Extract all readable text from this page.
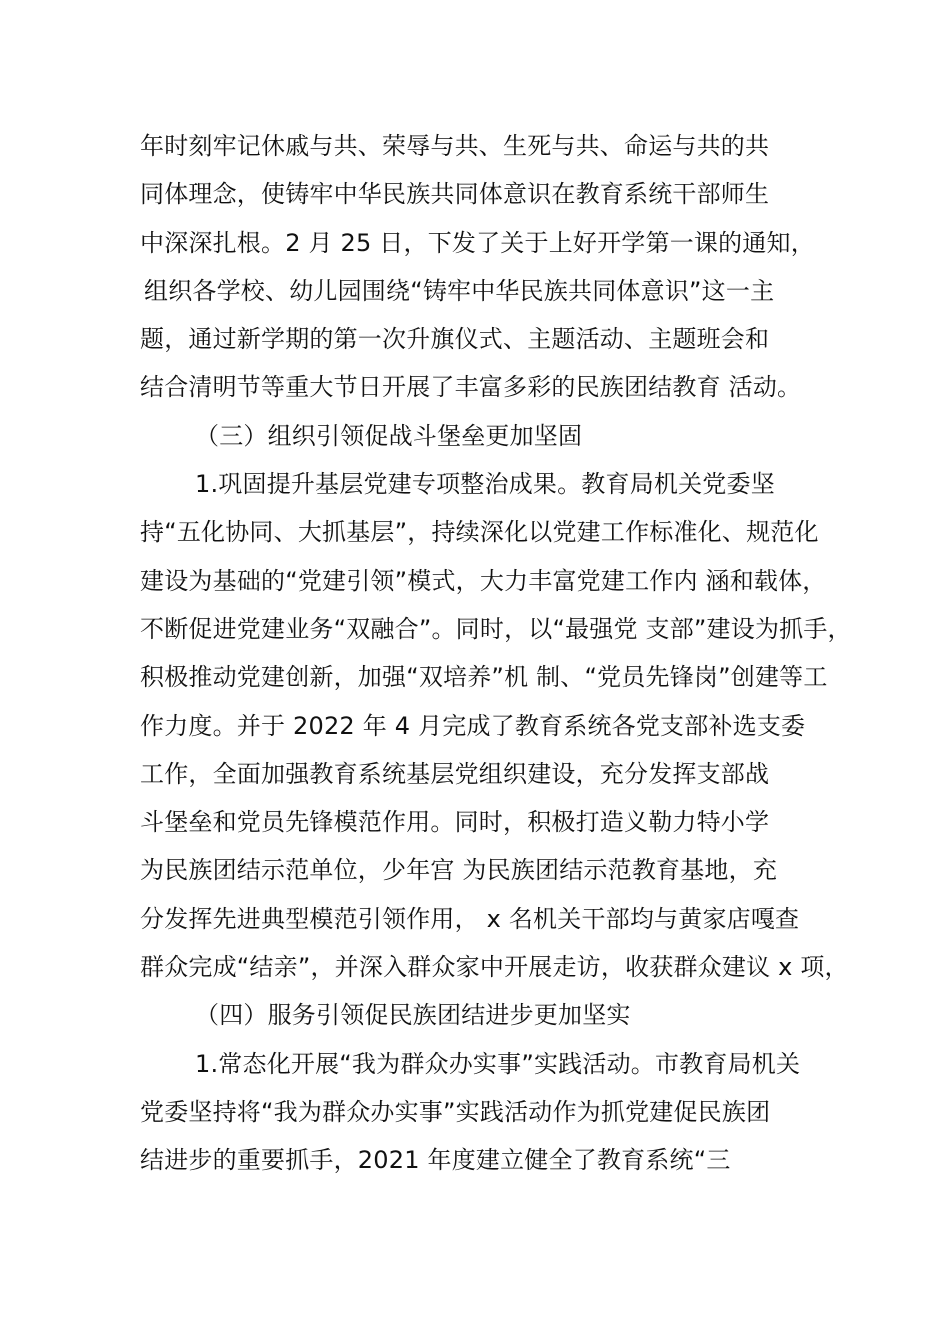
年时刻牢记休戚与共、荣辱与共、生死与共、命运与共的共
同体理念，使铸牢中华民族共同体意识在教育系统干部师生
中深深扎根。2 月 25 日，下发了关于上好开学第一课的通知，
组织各学校、幼儿园围绕“铸牢中华民族共同体意识”这一主
题，通过新学期的第一次升旗仪式、主题活动、主题班会和
结合清明节等重大节日开展了丰富多彩的民族团结教育 活动。
（三）组织引领促战斗堡垒更加坚固
1.巩固提升基层党建专项整治成果。教育局机关党委坚
持“五化协同、大抓基层”，持续深化以党建工作标准化、规范化
建设为基础的“党建引领”模式，大力丰富党建工作内 涵和载体，
不断促进党建业务“双融合”。同时，以“最强党 支部”建设为抓手，
积极推动党建创新，加强“双培养”机 制、“党员先锋岗”创建等工
作力度。并于 2022 年 4 月完成了教育系统各党支部补选支委
工作，全面加强教育系统基层党组织建设，充分发挥支部战
斗堡垒和党员先锋模范作用。同时，积极打造义勒力特小学
为民族团结示范单位，少年宫 为民族团结示范教育基地，充
分发挥先进典型模范引领作用， x 名机关干部均与黄家店嘎查
群众完成“结亲”，并深入群众家中开展走访，收获群众建议 x 项，
（四）服务引领促民族团结进步更加坚实
1.常态化开展“我为群众办实事”实践活动。市教育局机关
党委坚持将“我为群众办实事”实践活动作为抓党建促民族团
结进步的重要抓手，2021 年度建立健全了教育系统“三
